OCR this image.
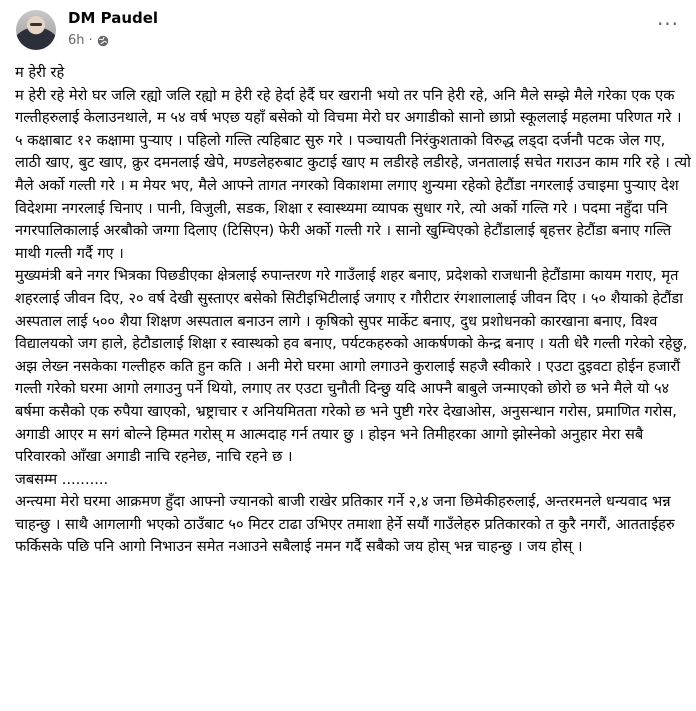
DM Paudel
6h ·
···

म हेरी रहे

म हेरी रहे मेरो घर जलि रह्यो जलि रह्यो म हेरी रहे हेर्दा हेर्दै घर खरानी भयो तर पनि हेरी रहे, अनि मैले सम्झे मैले गरेका एक एक गल्तीहरुलाई केलाउनथाले, म ५४ वर्ष भएछ यहाँ बसेको यो विचमा मेरो घर अगाडीको सानो छाप्रो स्कूललाई महलमा परिणत गरे । ५ कक्षाबाट १२ कक्षामा पुर्‍याए । पहिलो गल्ति त्यहिबाट सुरु गरे । पञ्चायती निरंकुशताको विरुद्ध लड्दा दर्जनौ पटक जेल गए, लाठी खाए, बुट खाए, क्रुर दमनलाई खेपे, मण्डलेहरुबाट कुटाई खाए म लडीरहे लडीरहे, जनतालाई सचेत गराउन काम गरि रहे । त्यो मैले अर्को गल्ती गरे । म मेयर भए, मैले आफ्ने तागत नगरको विकाशमा लगाए शुन्यमा रहेको हेटौंडा नगरलाई उचाइमा पुर्‍याए देश विदेशमा नगरलाई चिनाए । पानी, विजुली, सडक, शिक्षा र स्वास्थ्यमा व्यापक सुधार गरे, त्यो अर्को गल्ति गरे । पदमा नहुँदा पनि नगरपालिकालाई अरबौको जग्गा दिलाए (टिसिएन) फेरी अर्को गल्ती गरे । सानो खुम्चिएको हेटौंडालाई बृहत्तर हेटौंडा बनाए गल्ति माथी गल्ती गर्दै गए ।

मुख्यमंत्री बने नगर भित्रका पिछडीएका क्षेत्रलाई रुपान्तरण गरे गाउँलाई शहर बनाए, प्रदेशको राजधानी हेटौंडामा कायम गराए, मृत शहरलाई जीवन दिए, २० वर्ष देखी सुस्ताएर बसेको सिटीइभिटीलाई जगाए र गौरीटार रंगशालालाई जीवन दिए । ५० शैयाको हेटौंडा अस्पताल लाई ५०० शैया शिक्षण अस्पताल बनाउन लागे । कृषिको सुपर मार्केट बनाए, दुध प्रशोधनको कारखाना बनाए, विश्व विद्यालयको जग हाले, हेटौडालाई शिक्षा र स्वास्थको हव बनाए, पर्यटकहरुको आकर्षणको केन्द्र बनाए । यती धेरै गल्ती गरेको रहेछु, अझ लेख्न नसकेका गल्तीहरु कति हुन कति । अनी मेरो घरमा आगो लगाउने कुरालाई सहजै स्वीकारे । एउटा दुइवटा होईन हजारौं गल्ती गरेको घरमा आगो लगाउनु पर्ने थियो, लगाए तर एउटा चुनौती दिन्छु यदि आफ्नै बाबुले जन्माएको छोरो छ भने मैले यो ५४ बर्षमा कसैको एक रुपैया खाएको, भ्रष्ट्राचार र अनियमितता गरेको छ भने पुष्टी गरेर देखाओस, अनुसन्धान गरोस, प्रमाणित गरोस, अगाडी आएर म सगं बोल्ने हिम्मत गरोस् म आत्मदाह गर्न तयार छु । होइन भने तिमीहरका आगो झोस्नेको अनुहार मेरा सबै परिवारको आँखा अगाडी नाचि रहनेछ, नाचि रहने छ ।

जबसम्म ..........

अन्त्यमा मेरो घरमा आक्रमण हुँदा आफ्नो ज्यानको बाजी राखेर प्रतिकार गर्ने २,४ जना छिमेकीहरुलाई, अन्तरमनले धन्यवाद भन्न चाहन्छु । साथै आगलागी भएको ठाउँबाट ५० मिटर टाढा उभिएर तमाशा हेर्ने सयौं गाउँलेहरु प्रतिकारको त कुरै नगरौं, आतताईहरु फर्किसके पछि पनि आगो निभाउन समेत नआउने सबैलाई नमन गर्दै सबैको जय होस् भन्न चाहन्छु । जय होस् ।
